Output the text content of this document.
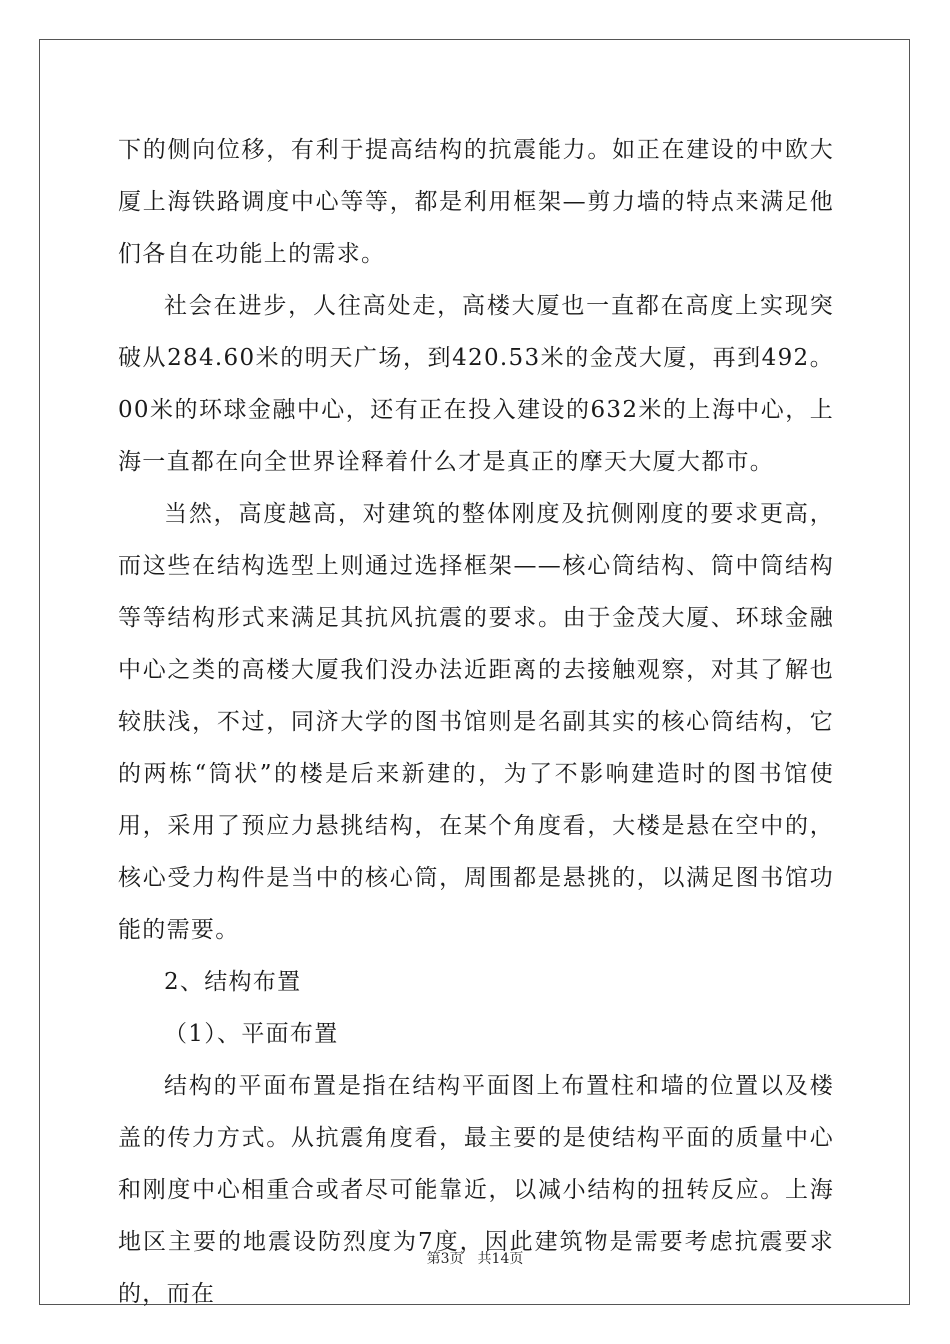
下的侧向位移，有利于提高结构的抗震能力。如正在建设的中欧大厦上海铁路调度中心等等，都是利用框架—剪力墙的特点来满足他们各自在功能上的需求。

社会在进步，人往高处走，高楼大厦也一直都在高度上实现突破从284.60米的明天广场，到420.53米的金茂大厦，再到492。00米的环球金融中心，还有正在投入建设的632米的上海中心，上海一直都在向全世界诠释着什么才是真正的摩天大厦大都市。

当然，高度越高，对建筑的整体刚度及抗侧刚度的要求更高，而这些在结构选型上则通过选择框架——核心筒结构、筒中筒结构等等结构形式来满足其抗风抗震的要求。由于金茂大厦、环球金融中心之类的高楼大厦我们没办法近距离的去接触观察，对其了解也较肤浅，不过，同济大学的图书馆则是名副其实的核心筒结构，它的两栋“筒状”的楼是后来新建的，为了不影响建造时的图书馆使用，采用了预应力悬挑结构，在某个角度看，大楼是悬在空中的，核心受力构件是当中的核心筒，周围都是悬挑的，以满足图书馆功能的需要。

2、结构布置

（1）、平面布置

结构的平面布置是指在结构平面图上布置柱和墙的位置以及楼盖的传力方式。从抗震角度看，最主要的是使结构平面的质量中心和刚度中心相重合或者尽可能靠近，以减小结构的扭转反应。上海地区主要的地震设防烈度为7度，因此建筑物是需要考虑抗震要求的，而在

第3页 共14页
